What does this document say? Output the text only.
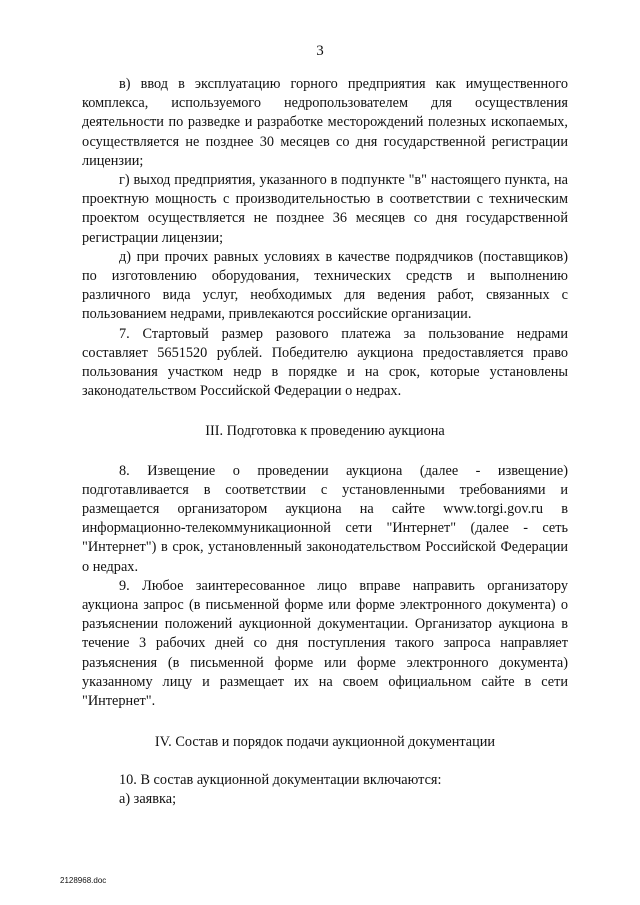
3

в) ввод в эксплуатацию горного предприятия как имущественного комплекса, используемого недропользователем для осуществления деятельности по разведке и разработке месторождений полезных ископаемых, осуществляется не позднее 30 месяцев со дня государственной регистрации лицензии;

г) выход предприятия, указанного в подпункте "в" настоящего пункта, на проектную мощность с производительностью в соответствии с техническим проектом осуществляется не позднее 36 месяцев со дня государственной регистрации лицензии;

д) при прочих равных условиях в качестве подрядчиков (поставщиков) по изготовлению оборудования, технических средств и выполнению различного вида услуг, необходимых для ведения работ, связанных с пользованием недрами, привлекаются российские организации.

7. Стартовый размер разового платежа за пользование недрами составляет 5651520 рублей. Победителю аукциона предоставляется право пользования участком недр в порядке и на срок, которые установлены законодательством Российской Федерации о недрах.

III. Подготовка к проведению аукциона

8. Извещение о проведении аукциона (далее - извещение) подготавливается в соответствии с установленными требованиями и размещается организатором аукциона на сайте www.torgi.gov.ru в информационно-телекоммуникационной сети "Интернет" (далее - сеть "Интернет") в срок, установленный законодательством Российской Федерации о недрах.

9. Любое заинтересованное лицо вправе направить организатору аукциона запрос (в письменной форме или форме электронного документа) о разъяснении положений аукционной документации. Организатор аукциона в течение 3 рабочих дней со дня поступления такого запроса направляет разъяснения (в письменной форме или форме электронного документа) указанному лицу и размещает их на своем официальном сайте в сети "Интернет".

IV. Состав и порядок подачи аукционной документации

10. В состав аукционной документации включаются:

а) заявка;

2128968.doc
